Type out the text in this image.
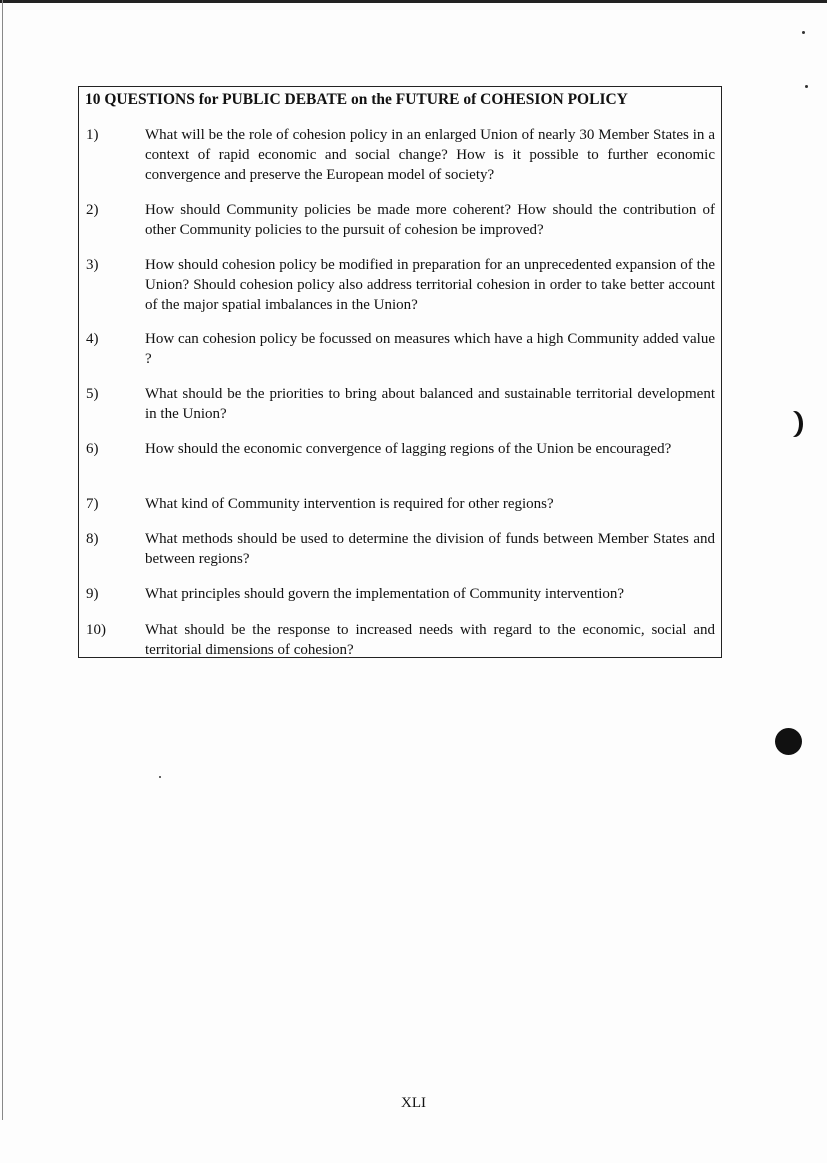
10 QUESTIONS for PUBLIC DEBATE on the FUTURE of COHESION POLICY
1)	What will be the role of cohesion policy in an enlarged Union of nearly 30 Member States in a context of rapid economic and social change? How is it possible to further economic convergence and preserve the European model of society?
2)	How should Community policies be made more coherent? How should the contribution of other Community policies to the pursuit of cohesion be improved?
3)	How should cohesion policy be modified in preparation for an unprecedented expansion of the Union? Should cohesion policy also address territorial cohesion in order to take better account of the major spatial imbalances in the Union?
4)	How can cohesion policy be focussed on measures which have a high Community added value ?
5)	What should be the priorities to bring about balanced and sustainable territorial development in the Union?
6)	How should the economic convergence of lagging regions of the Union be encouraged?
7)	What kind of Community intervention is required for other regions?
8)	What methods should be used to determine the division of funds between Member States and between regions?
9)	What principles should govern the implementation of Community intervention?
10)	What should be the response to increased needs with regard to the economic, social and territorial dimensions of cohesion?
XLI
